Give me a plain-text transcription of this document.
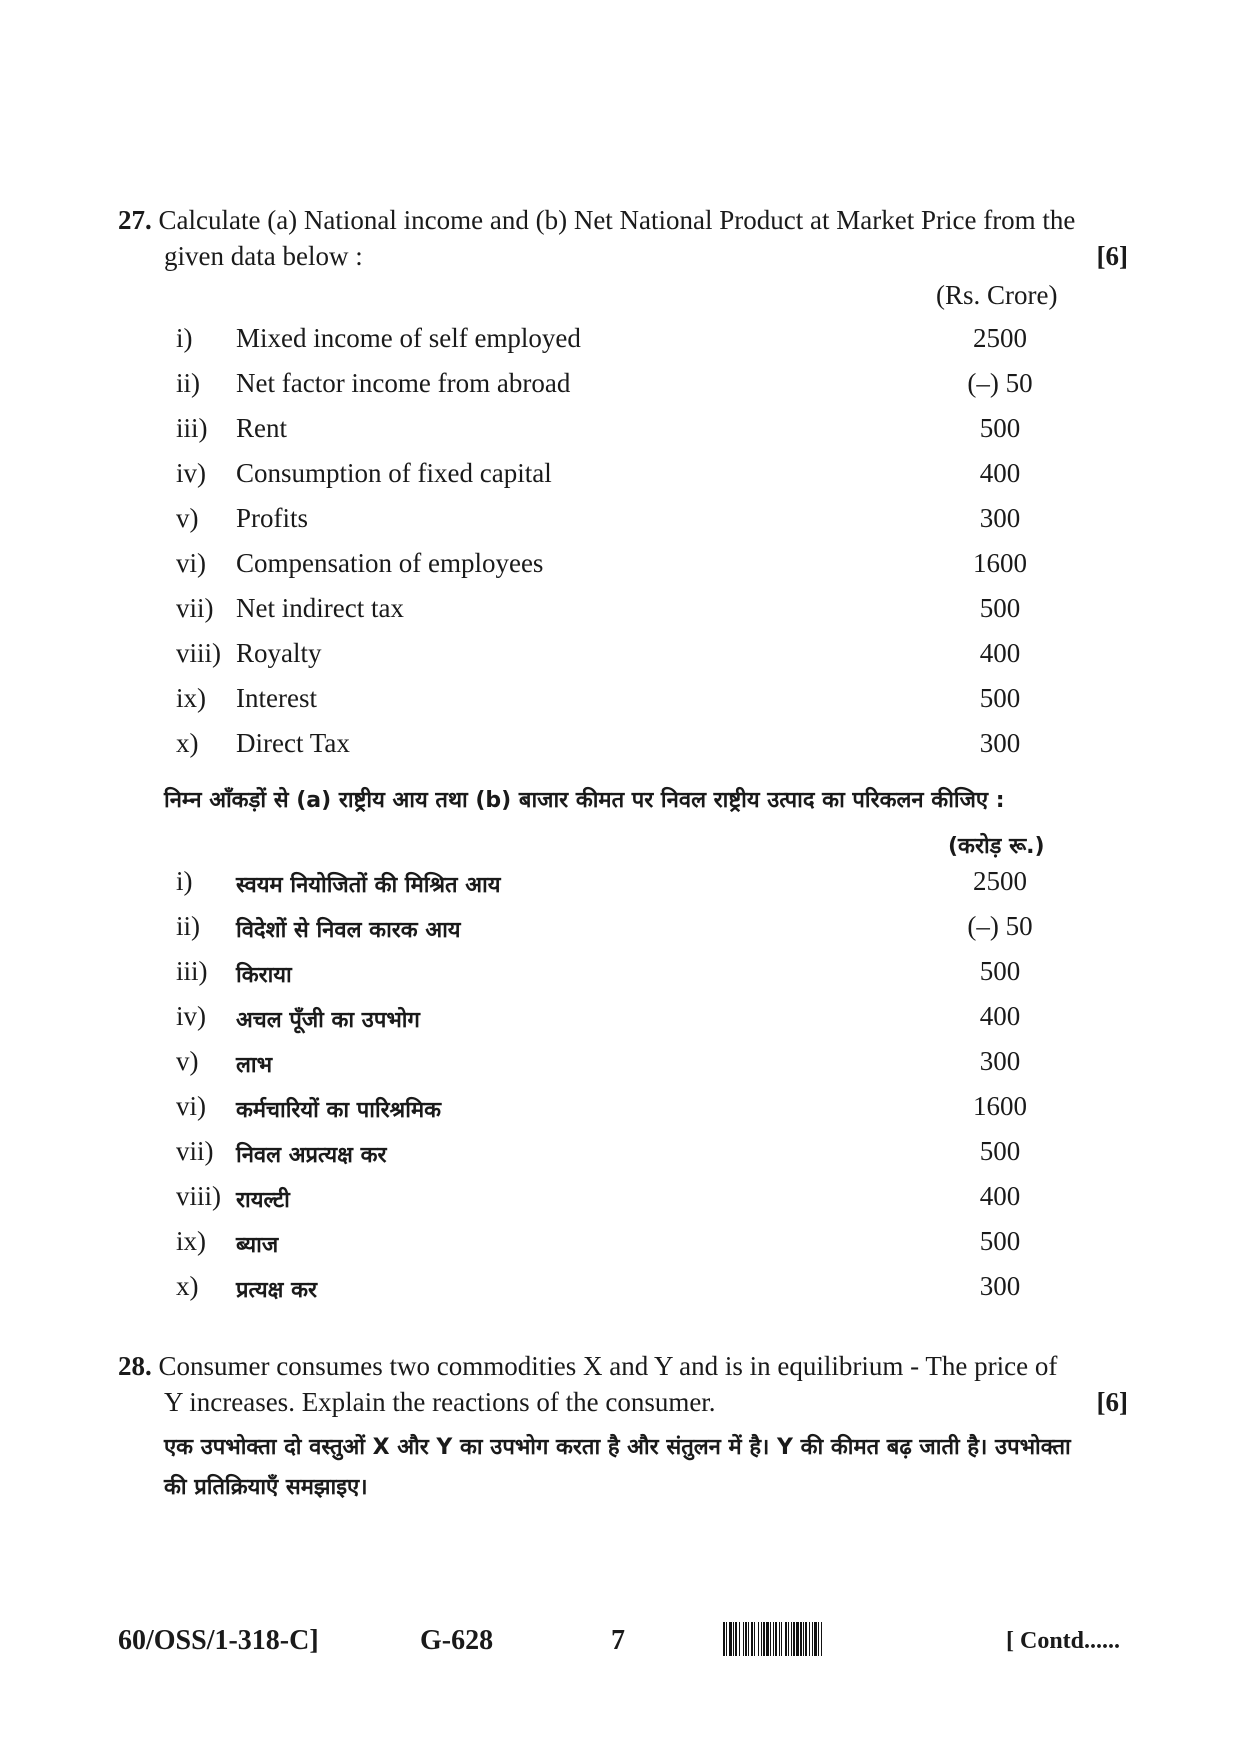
27. Calculate (a) National income and (b) Net National Product at Market Price from the
given data below :	[6]
(Rs. Crore)
i) Mixed income of self employed	2500
ii) Net factor income from abroad	(–) 50
iii) Rent	500
iv) Consumption of fixed capital	400
v) Profits	300
vi) Compensation of employees	1600
vii) Net indirect tax	500
viii) Royalty	400
ix) Interest	500
x) Direct Tax	300
निम्न आँकड़ों से (a) राष्ट्रीय आय तथा (b) बाजार कीमत पर निवल राष्ट्रीय उत्पाद का परिकलन कीजिए :
(करोड़ रू.)
i) स्वयम नियोजितों की मिश्रित आय	2500
ii) विदेशों से निवल कारक आय	(–) 50
iii) किराया	500
iv) अचल पूँजी का उपभोग	400
v) लाभ	300
vi) कर्मचारियों का पारिश्रमिक	1600
vii) निवल अप्रत्यक्ष कर	500
viii) रायल्टी	400
ix) ब्याज	500
x) प्रत्यक्ष कर	300
28. Consumer consumes two commodities X and Y and is in equilibrium - The price of
Y increases. Explain the reactions of the consumer.	[6]
एक उपभोक्ता दो वस्तुओं X और Y का उपभोग करता है और संतुलन में है। Y की कीमत बढ़ जाती है। उपभोक्ता
की प्रतिक्रियाएँ समझाइए।
60/OSS/1-318-C]	G-628	7	[ Contd......
